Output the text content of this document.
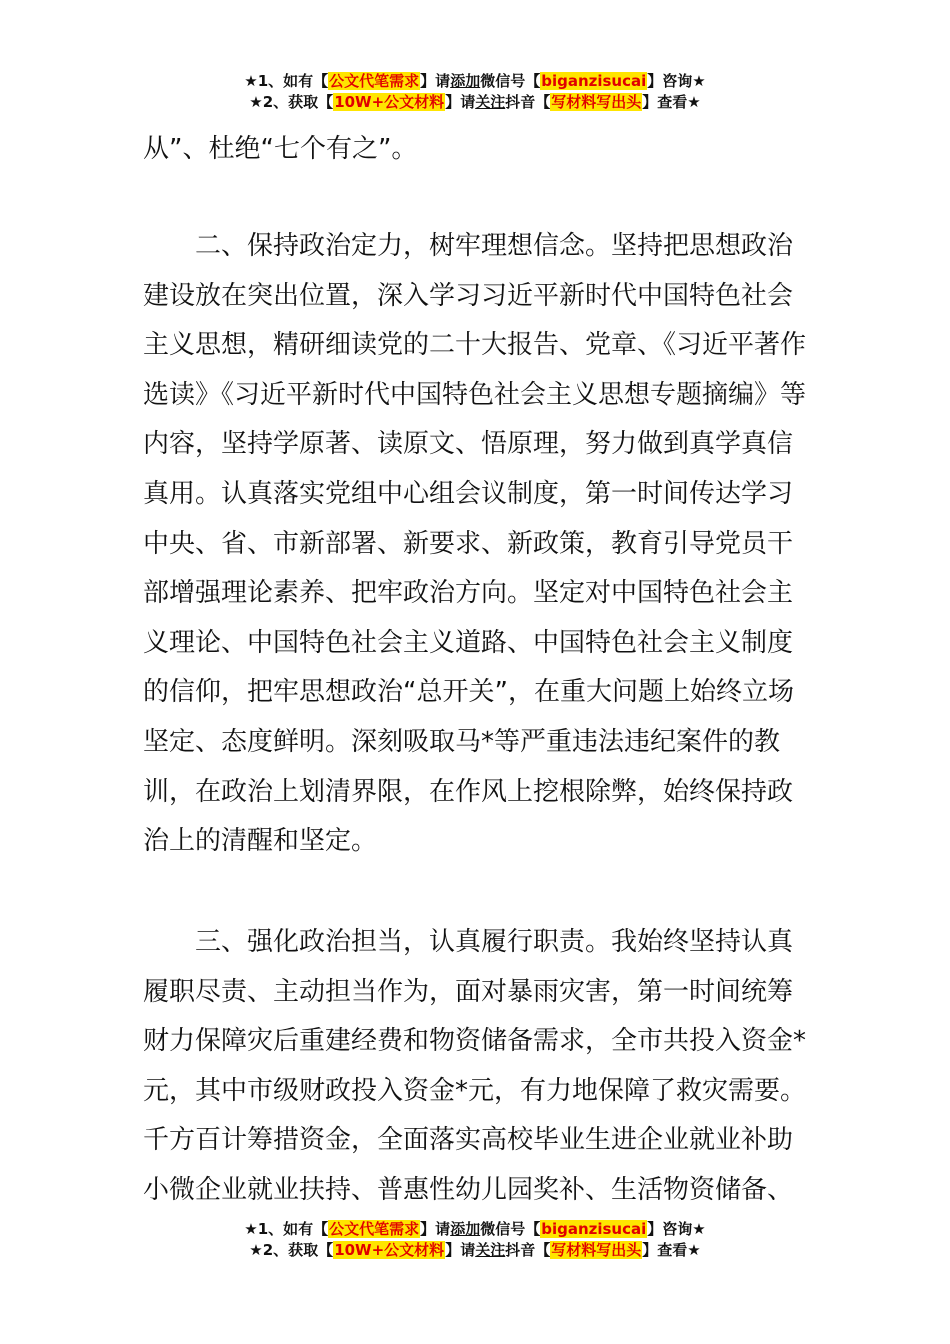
★1、如有【公文代笔需求】请添加微信号【biganzisucai】咨询★
★2、获取【10W+公文材料】请关注抖音【写材料写出头】查看★

从”、杜绝“七个有之”。

二、保持政治定力，树牢理想信念。坚持把思想政治建设放在突出位置，深入学习习近平新时代中国特色社会主义思想，精研细读党的二十大报告、党章、《习近平著作选读》《习近平新时代中国特色社会主义思想专题摘编》等内容，坚持学原著、读原文、悟原理，努力做到真学真信真用。认真落实党组中心组会议制度，第一时间传达学习中央、省、市新部署、新要求、新政策，教育引导党员干部增强理论素养、把牢政治方向。坚定对中国特色社会主义理论、中国特色社会主义道路、中国特色社会主义制度的信仰，把牢思想政治“总开关”，在重大问题上始终立场坚定、态度鲜明。深刻吸取马*等严重违法违纪案件的教训，在政治上划清界限，在作风上挖根除弊，始终保持政治上的清醒和坚定。

三、强化政治担当，认真履行职责。我始终坚持认真履职尽责、主动担当作为，面对暴雨灾害，第一时间统筹财力保障灾后重建经费和物资储备需求，全市共投入资金*元，其中市级财政投入资金*元，有力地保障了救灾需要。千方百计筹措资金，全面落实高校毕业生进企业就业补助小微企业就业扶持、普惠性幼儿园奖补、生活物资储备、

★1、如有【公文代笔需求】请添加微信号【biganzisucai】咨询★
★2、获取【10W+公文材料】请关注抖音【写材料写出头】查看★
